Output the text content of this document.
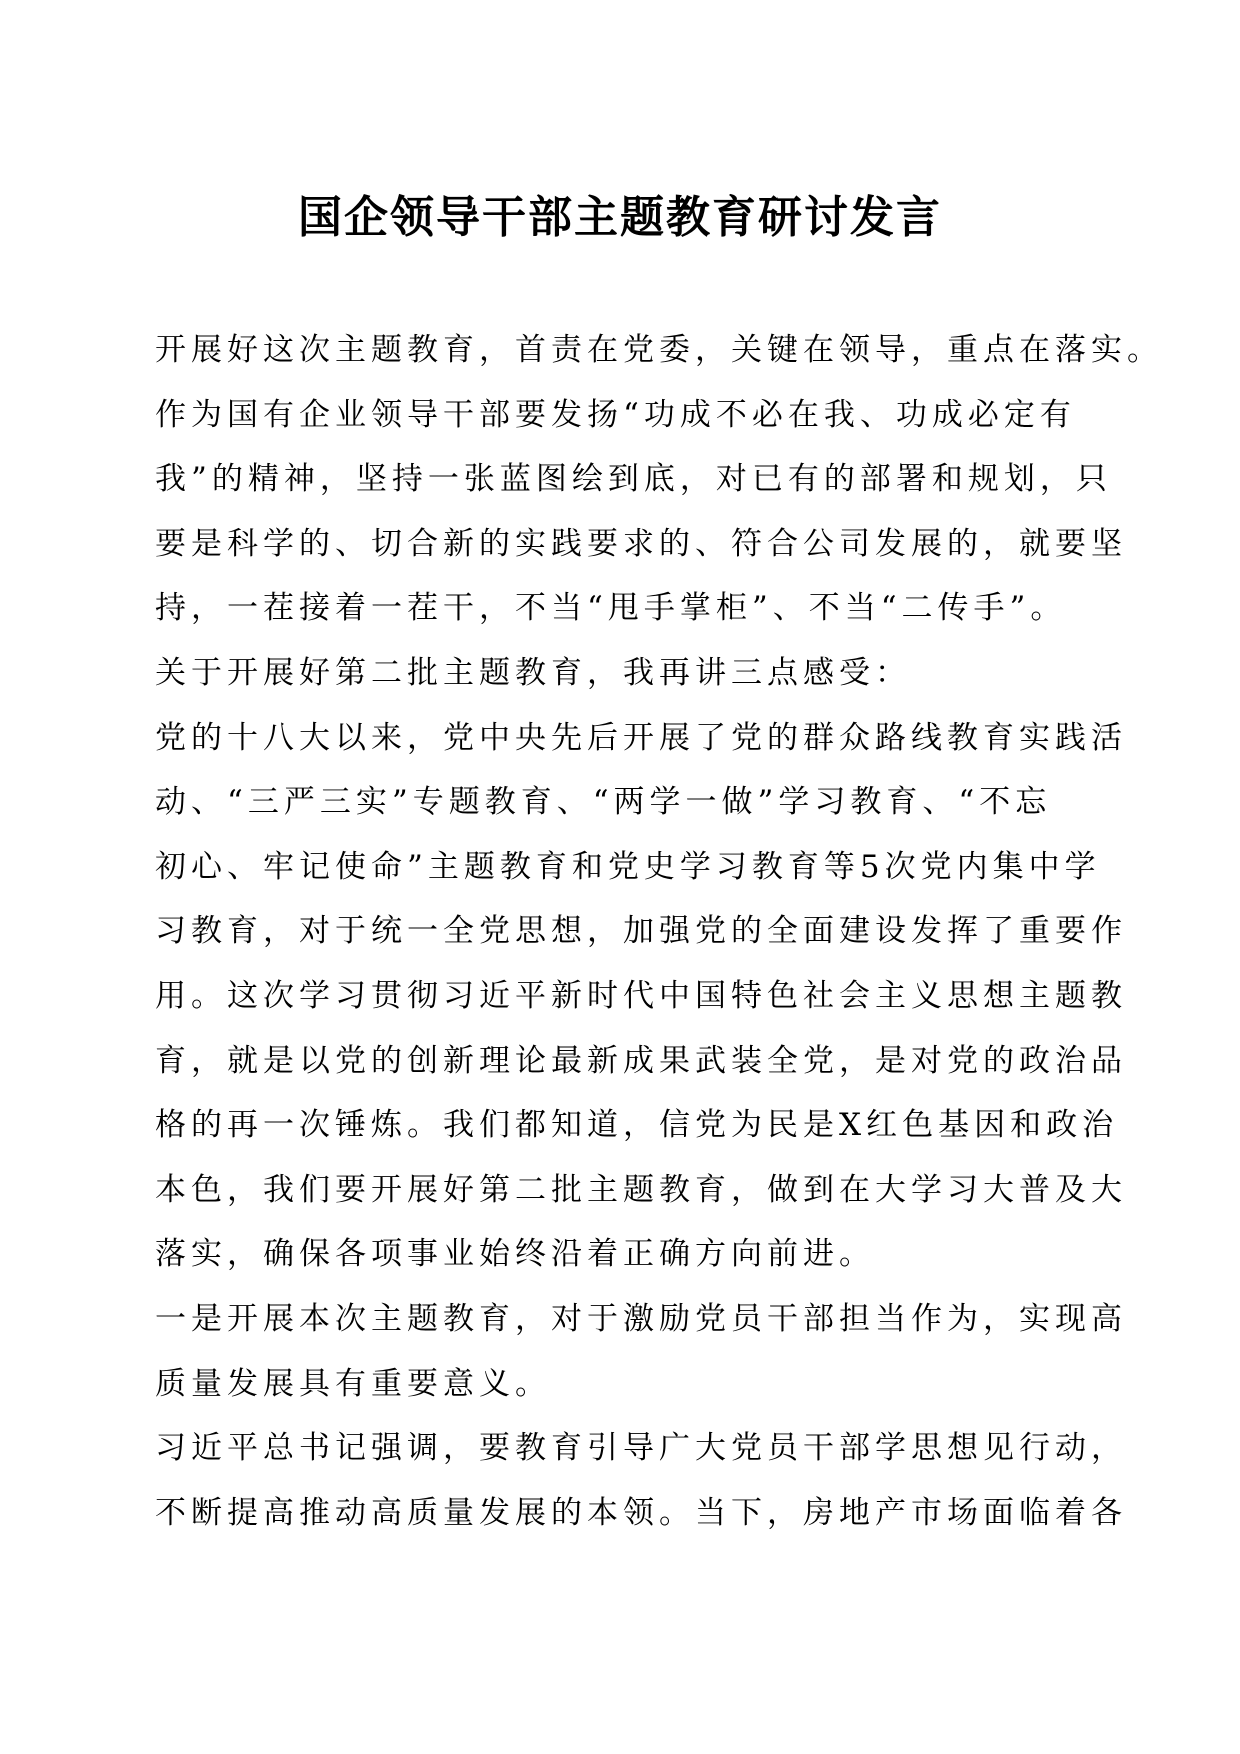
国企领导干部主题教育研讨发言
开展好这次主题教育，首责在党委，关键在领导，重点在落实。
作为国有企业领导干部要发扬“功成不必在我、功成必定有
我”的精神，坚持一张蓝图绘到底，对已有的部署和规划，只
要是科学的、切合新的实践要求的、符合公司发展的，就要坚
持，一茬接着一茬干，不当“甩手掌柜”、不当“二传手”。
关于开展好第二批主题教育，我再讲三点感受：
党的十八大以来，党中央先后开展了党的群众路线教育实践活
动、“三严三实”专题教育、“两学一做”学习教育、“不忘
初心、牢记使命”主题教育和党史学习教育等5次党内集中学
习教育，对于统一全党思想，加强党的全面建设发挥了重要作
用。这次学习贯彻习近平新时代中国特色社会主义思想主题教
育，就是以党的创新理论最新成果武装全党，是对党的政治品
格的再一次锤炼。我们都知道，信党为民是X红色基因和政治
本色，我们要开展好第二批主题教育，做到在大学习大普及大
落实，确保各项事业始终沿着正确方向前进。
一是开展本次主题教育，对于激励党员干部担当作为，实现高
质量发展具有重要意义。
习近平总书记强调，要教育引导广大党员干部学思想见行动，
不断提高推动高质量发展的本领。当下，房地产市场面临着各
